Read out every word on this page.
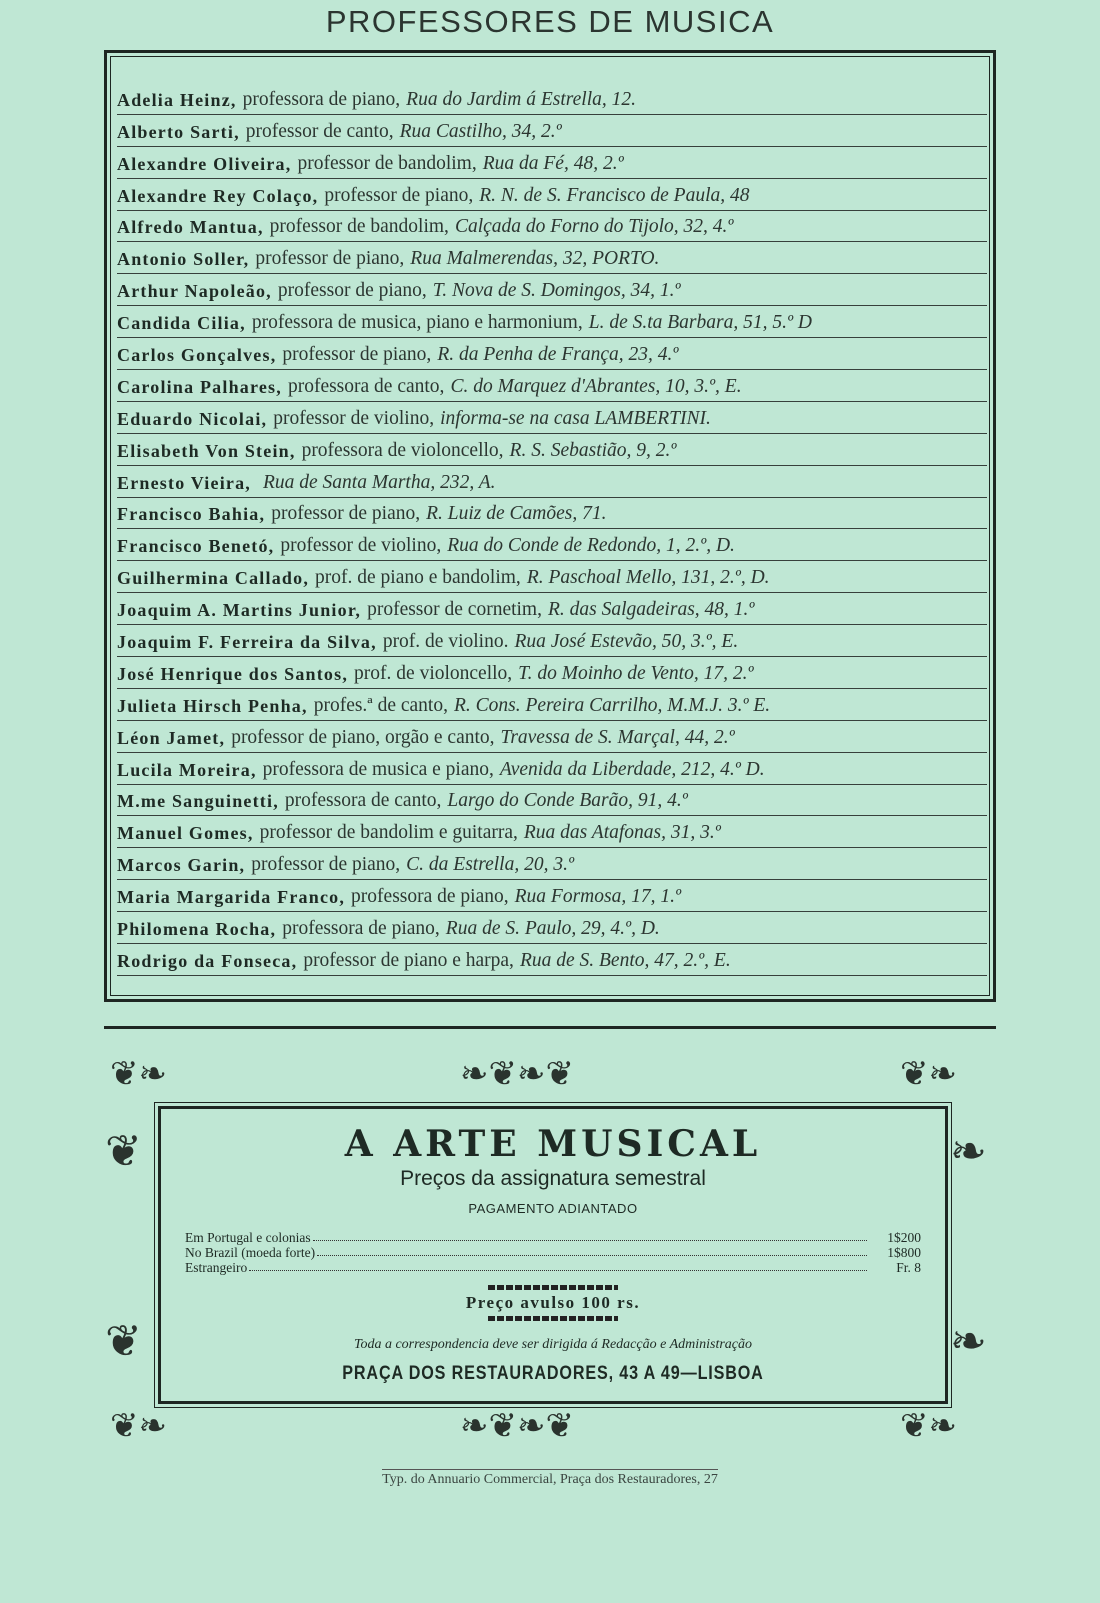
PROFESSORES DE MUSICA
Adelia Heinz, professora de piano, Rua do Jardim á Estrella, 12.
Alberto Sarti, professor de canto, Rua Castilho, 34, 2.º
Alexandre Oliveira, professor de bandolim, Rua da Fé, 48, 2.º
Alexandre Rey Colaço, professor de piano, R. N. de S. Francisco de Paula, 48
Alfredo Mantua, professor de bandolim, Calçada do Forno do Tijolo, 32, 4.º
Antonio Soller, professor de piano, Rua Malmerendas, 32, PORTO.
Arthur Napoleão, professor de piano, T. Nova de S. Domingos, 34, 1.º
Candida Cilia, professora de musica, piano e harmonium, L. de S.ta Barbara, 51, 5.º D
Carlos Gonçalves, professor de piano, R. da Penha de França, 23, 4.º
Carolina Palhares, professora de canto, C. do Marquez d'Abrantes, 10, 3.º, E.
Eduardo Nicolai, professor de violino, informa-se na casa LAMBERTINI.
Elisabeth Von Stein, professora de violoncello, R. S. Sebastião, 9, 2.º
Ernesto Vieira, Rua de Santa Martha, 232, A.
Francisco Bahia, professor de piano, R. Luiz de Camões, 71.
Francisco Benetó, professor de violino, Rua do Conde de Redondo, 1, 2.º, D.
Guilhermina Callado, prof. de piano e bandolim, R. Paschoal Mello, 131, 2.º, D.
Joaquim A. Martins Junior, professor de cornetim, R. das Salgadeiras, 48, 1.º
Joaquim F. Ferreira da Silva, prof. de violino. Rua José Estevão, 50, 3.º, E.
José Henrique dos Santos, prof. de violoncello, T. do Moinho de Vento, 17, 2.º
Julieta Hirsch Penha, profes.ª de canto, R. Cons. Pereira Carrilho, M.M.J. 3.º E.
Léon Jamet, professor de piano, orgão e canto, Travessa de S. Marçal, 44, 2.º
Lucila Moreira, professora de musica e piano, Avenida da Liberdade, 212, 4.º D.
M.me Sanguinetti, professora de canto, Largo do Conde Barão, 91, 4.º
Manuel Gomes, professor de bandolim e guitarra, Rua das Atafonas, 31, 3.º
Marcos Garin, professor de piano, C. da Estrella, 20, 3.º
Maria Margarida Franco, professora de piano, Rua Formosa, 17, 1.º
Philomena Rocha, professora de piano, Rua de S. Paulo, 29, 4.º, D.
Rodrigo da Fonseca, professor de piano e harpa, Rua de S. Bento, 47, 2.º, E.
❦❧	❧❦❧❦	❦❧
❦	❧
❦	❧
❦❧	❧❦❧❦	❦❧
A ARTE MUSICAL
Preços da assignatura semestral
PAGAMENTO ADIANTADO
Em Portugal e colonias	1$200
No Brazil (moeda forte)	1$800
Estrangeiro	Fr. 8
Preço avulso 100 rs.
Toda a correspondencia deve ser dirigida á Redacção e Administração
PRAÇA DOS RESTAURADORES, 43 A 49—LISBOA
Typ. do Annuario Commercial, Praça dos Restauradores, 27
